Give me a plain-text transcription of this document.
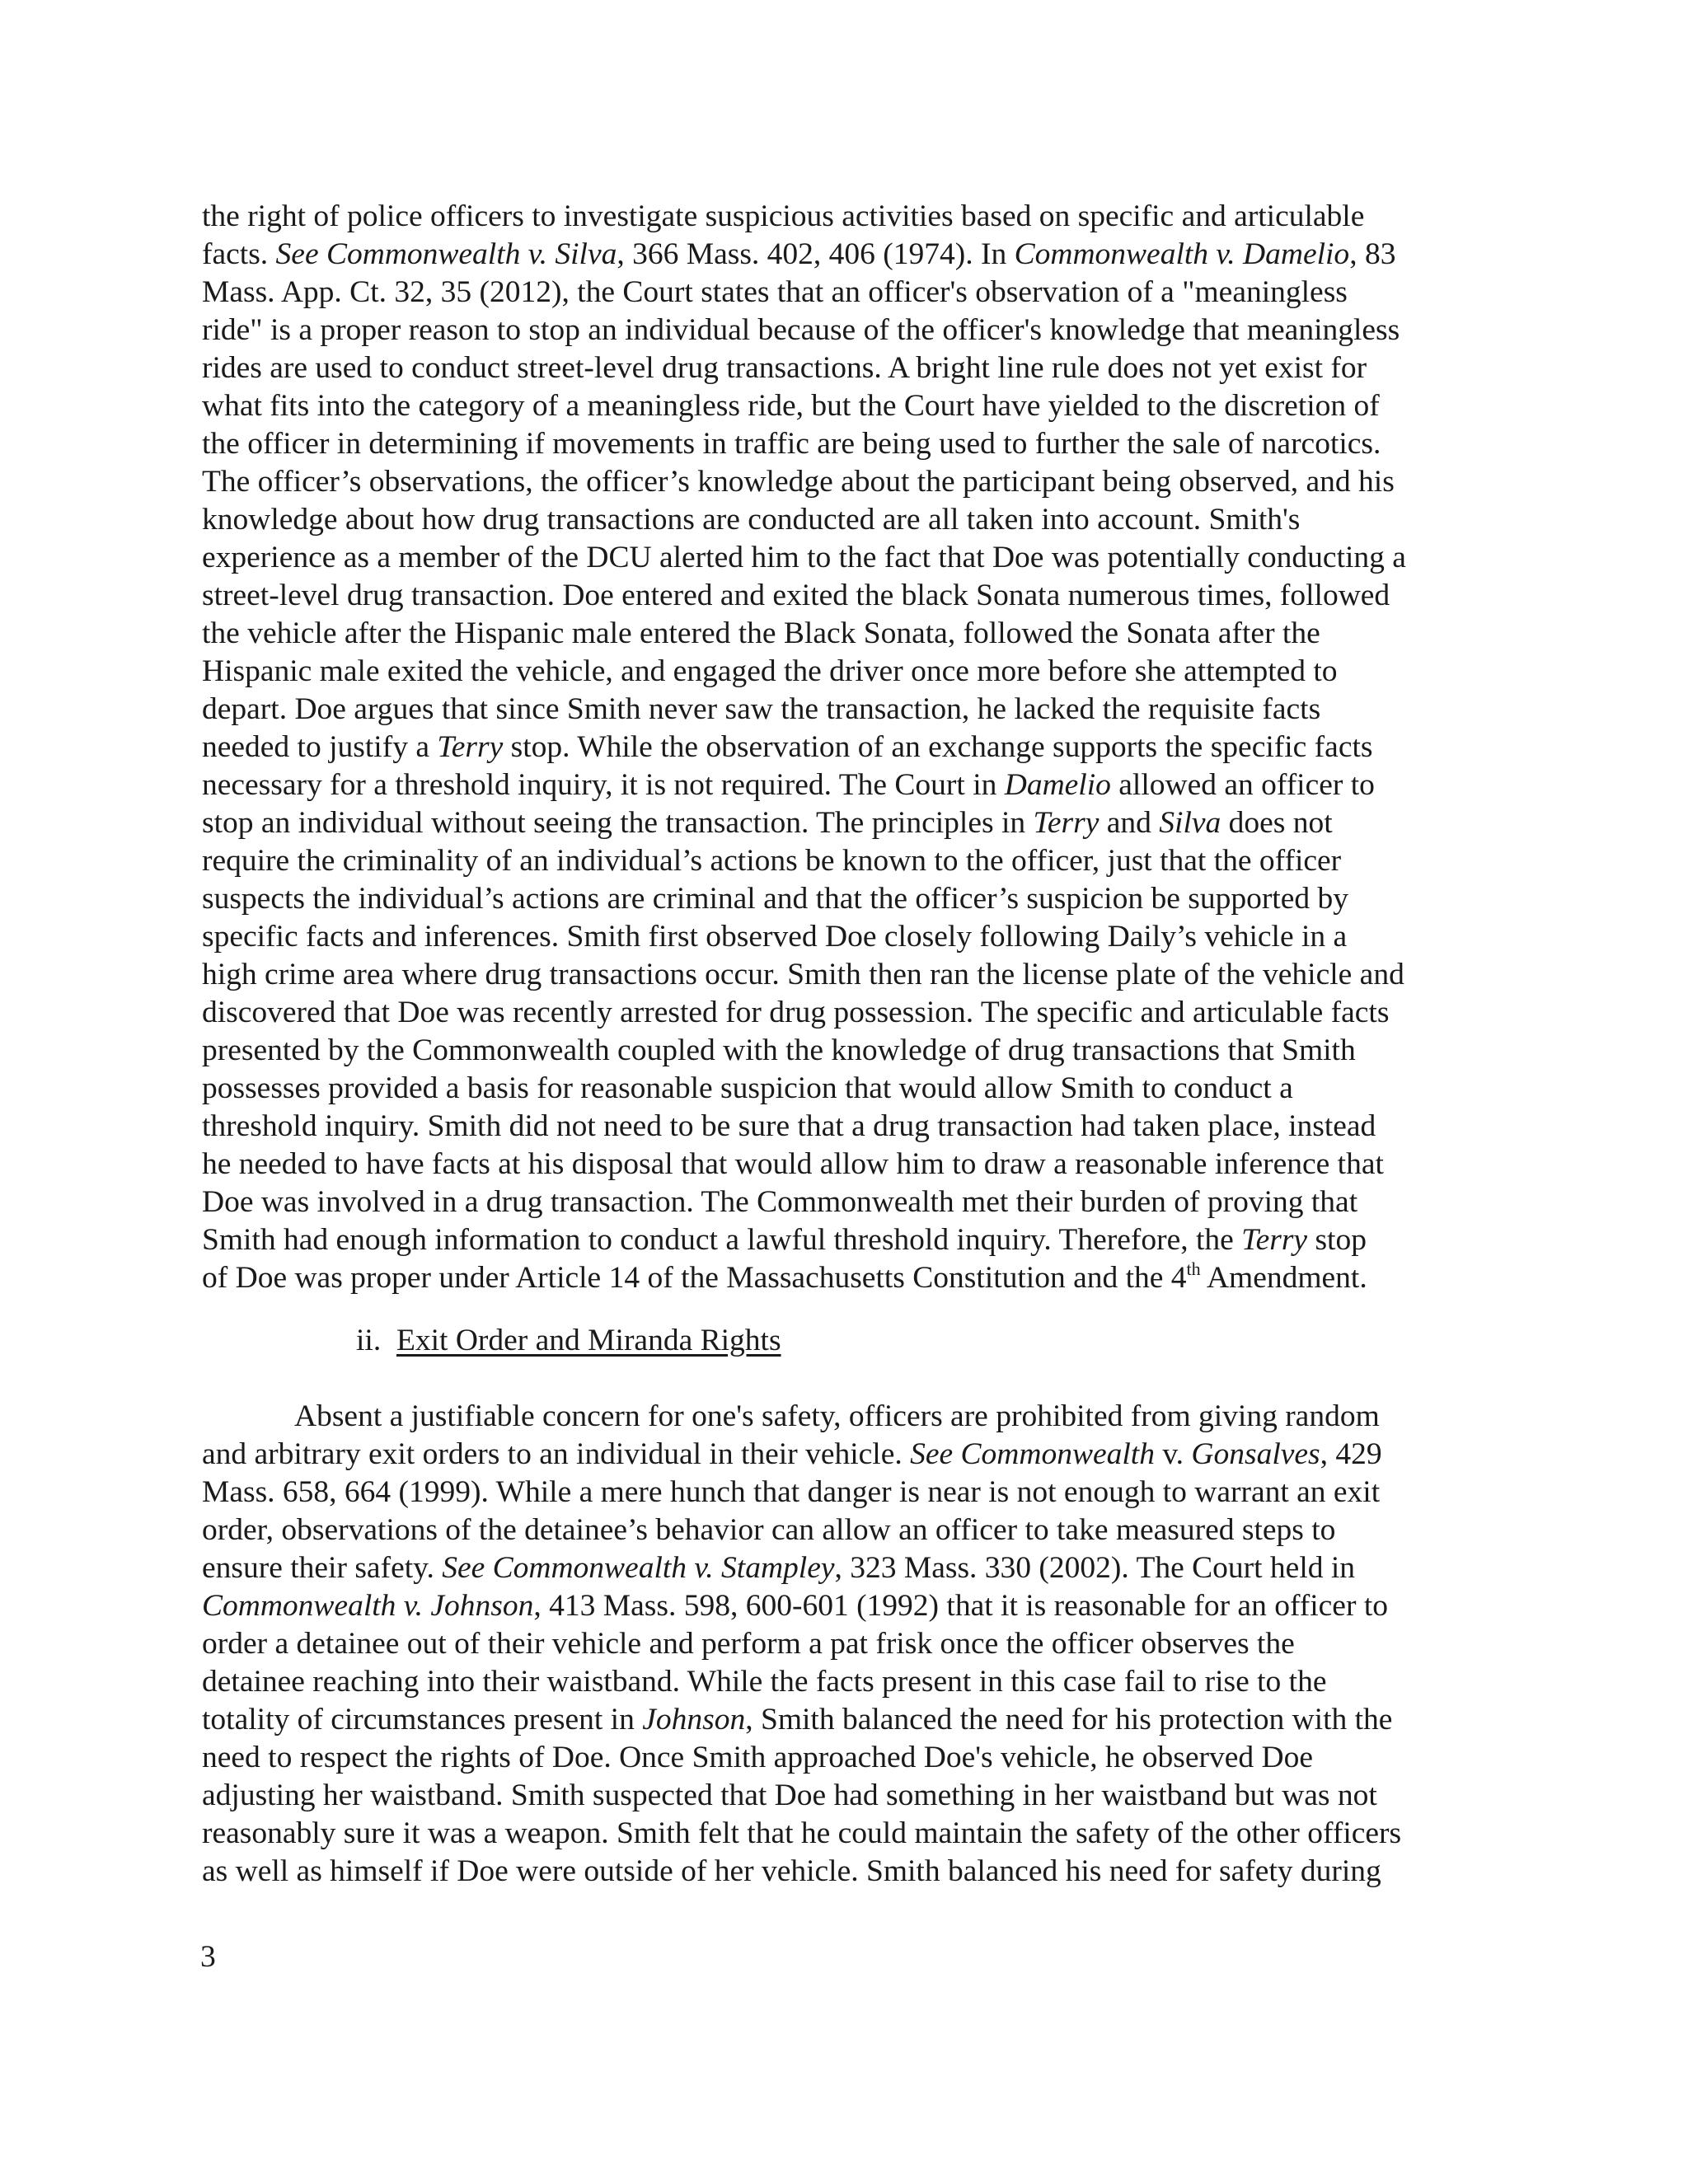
the right of police officers to investigate suspicious activities based on specific and articulable
facts. See Commonwealth v. Silva, 366 Mass. 402, 406 (1974). In Commonwealth v. Damelio, 83
Mass. App. Ct. 32, 35 (2012), the Court states that an officer's observation of a "meaningless
ride" is a proper reason to stop an individual because of the officer's knowledge that meaningless
rides are used to conduct street-level drug transactions. A bright line rule does not yet exist for
what fits into the category of a meaningless ride, but the Court have yielded to the discretion of
the officer in determining if movements in traffic are being used to further the sale of narcotics.
The officer’s observations, the officer’s knowledge about the participant being observed, and his
knowledge about how drug transactions are conducted are all taken into account. Smith's
experience as a member of the DCU alerted him to the fact that Doe was potentially conducting a
street-level drug transaction. Doe entered and exited the black Sonata numerous times, followed
the vehicle after the Hispanic male entered the Black Sonata, followed the Sonata after the
Hispanic male exited the vehicle, and engaged the driver once more before she attempted to
depart. Doe argues that since Smith never saw the transaction, he lacked the requisite facts
needed to justify a Terry stop. While the observation of an exchange supports the specific facts
necessary for a threshold inquiry, it is not required. The Court in Damelio allowed an officer to
stop an individual without seeing the transaction. The principles in Terry and Silva does not
require the criminality of an individual’s actions be known to the officer, just that the officer
suspects the individual’s actions are criminal and that the officer’s suspicion be supported by
specific facts and inferences. Smith first observed Doe closely following Daily’s vehicle in a
high crime area where drug transactions occur. Smith then ran the license plate of the vehicle and
discovered that Doe was recently arrested for drug possession. The specific and articulable facts
presented by the Commonwealth coupled with the knowledge of drug transactions that Smith
possesses provided a basis for reasonable suspicion that would allow Smith to conduct a
threshold inquiry. Smith did not need to be sure that a drug transaction had taken place, instead
he needed to have facts at his disposal that would allow him to draw a reasonable inference that
Doe was involved in a drug transaction. The Commonwealth met their burden of proving that
Smith had enough information to conduct a lawful threshold inquiry. Therefore, the Terry stop
of Doe was proper under Article 14 of the Massachusetts Constitution and the 4th Amendment.
ii. Exit Order and Miranda Rights
Absent a justifiable concern for one's safety, officers are prohibited from giving random
and arbitrary exit orders to an individual in their vehicle. See Commonwealth v. Gonsalves, 429
Mass. 658, 664 (1999). While a mere hunch that danger is near is not enough to warrant an exit
order, observations of the detainee’s behavior can allow an officer to take measured steps to
ensure their safety. See Commonwealth v. Stampley, 323 Mass. 330 (2002). The Court held in
Commonwealth v. Johnson, 413 Mass. 598, 600-601 (1992) that it is reasonable for an officer to
order a detainee out of their vehicle and perform a pat frisk once the officer observes the
detainee reaching into their waistband. While the facts present in this case fail to rise to the
totality of circumstances present in Johnson, Smith balanced the need for his protection with the
need to respect the rights of Doe. Once Smith approached Doe's vehicle, he observed Doe
adjusting her waistband. Smith suspected that Doe had something in her waistband but was not
reasonably sure it was a weapon. Smith felt that he could maintain the safety of the other officers
as well as himself if Doe were outside of her vehicle. Smith balanced his need for safety during
3
